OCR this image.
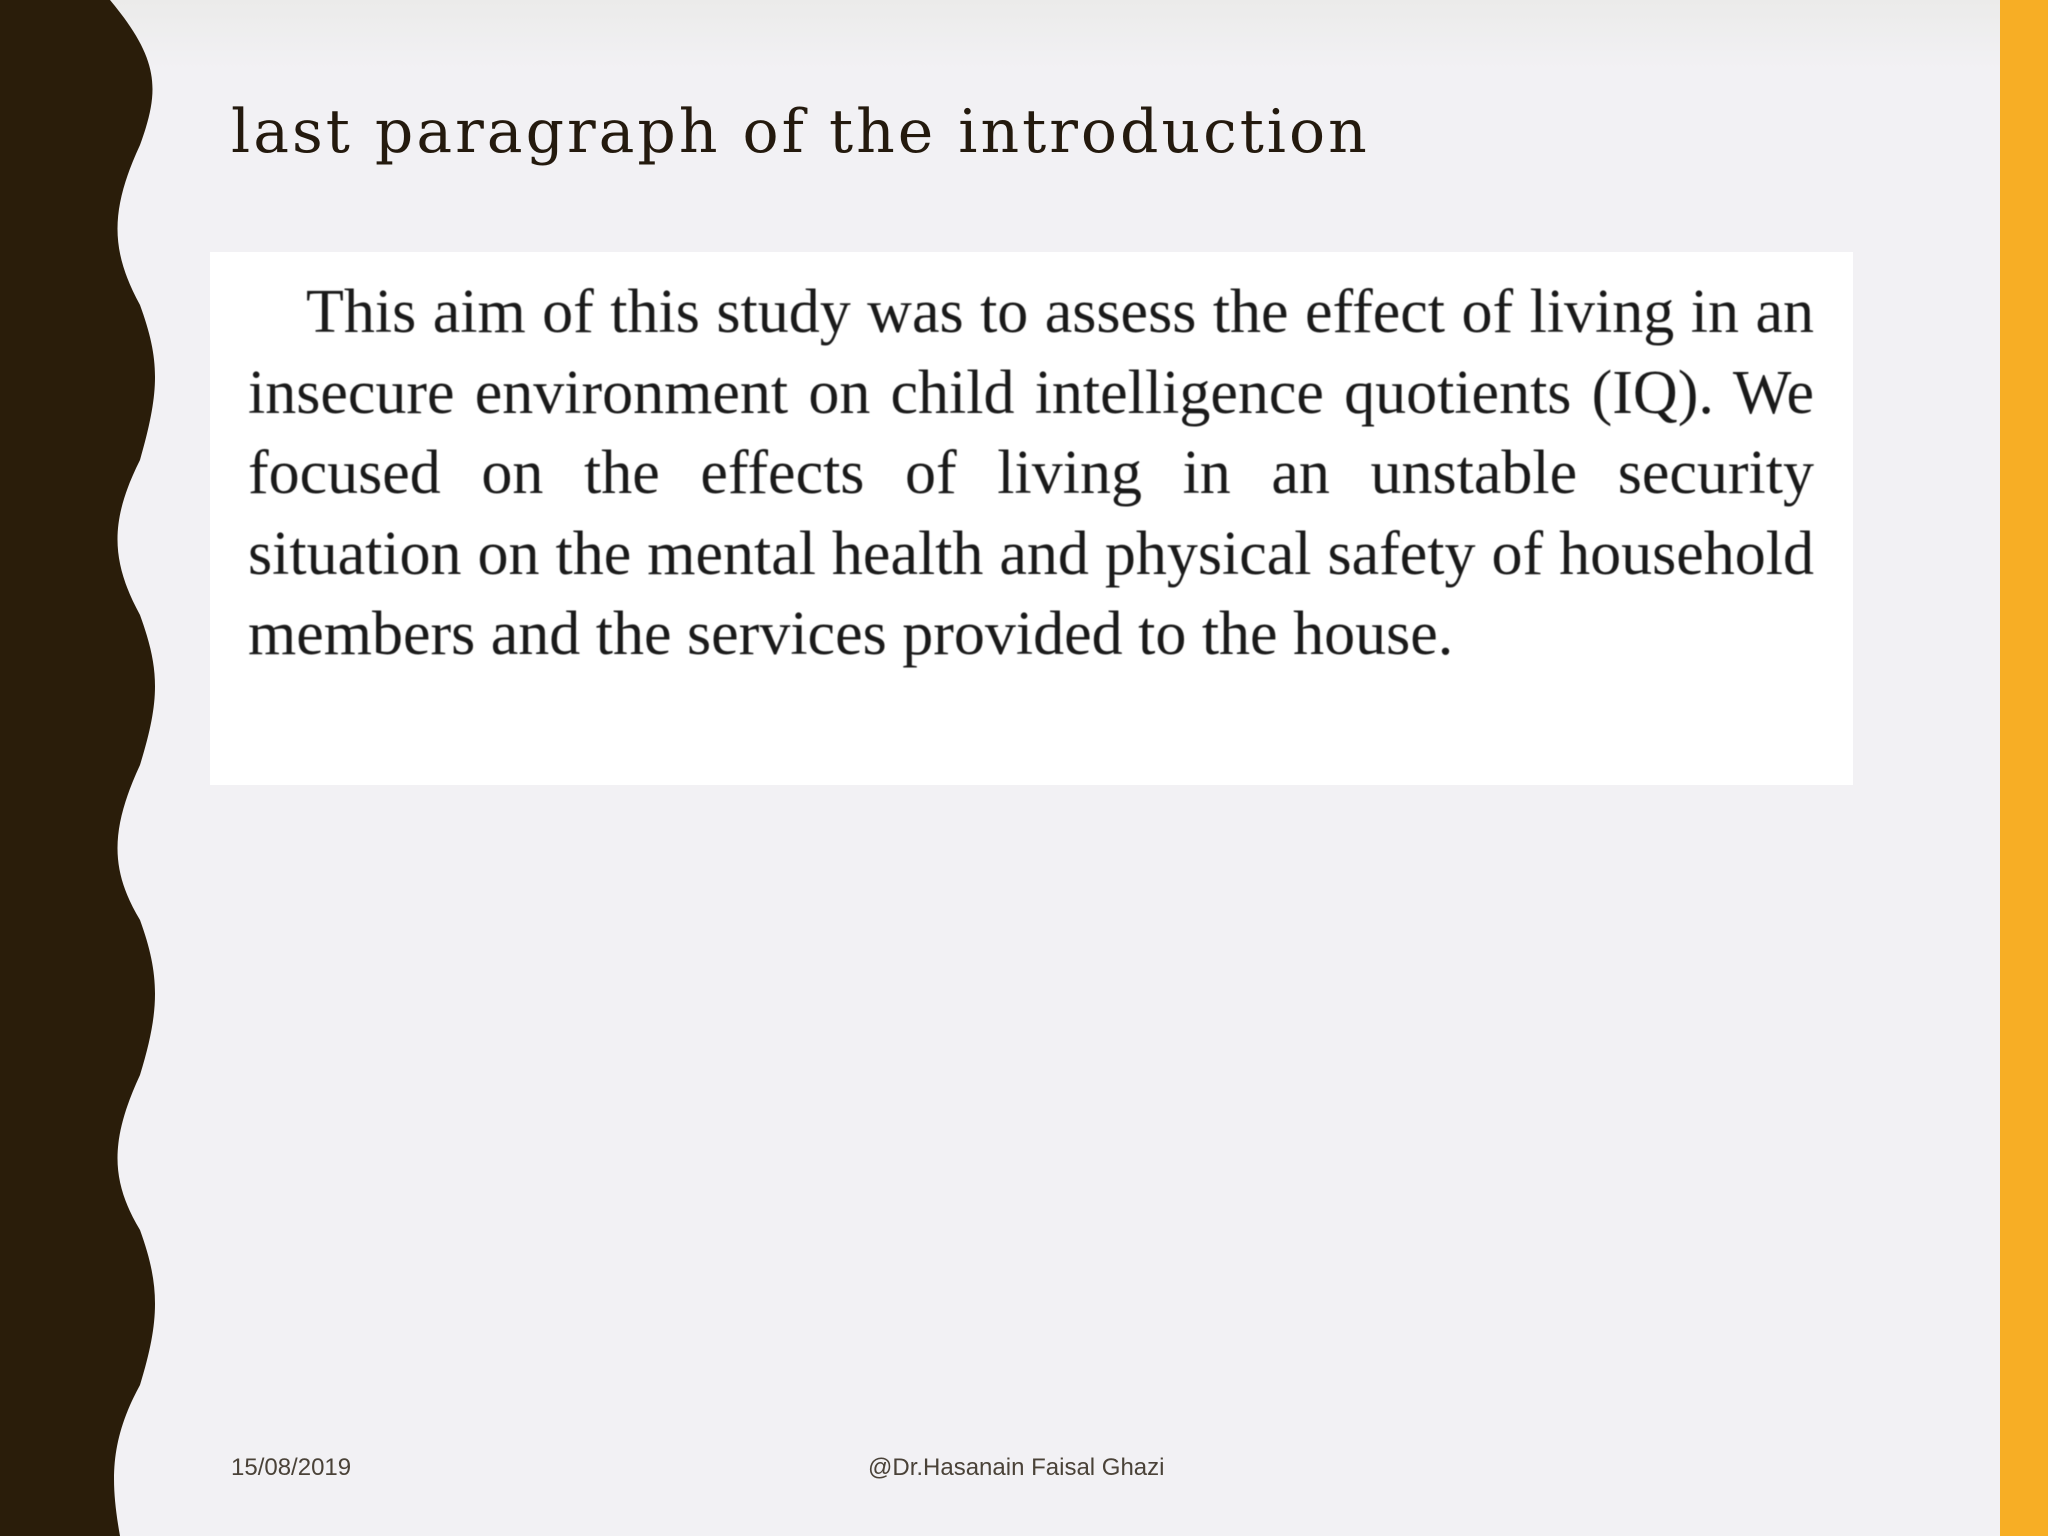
last paragraph of the introduction

This aim of this study was to assess the effect of living in an insecure environment on child intelligence quotients (IQ). We focused on the effects of living in an unstable security situation on the mental health and physical safety of household members and the services provided to the house.

15/08/2019	@Dr.Hasanain Faisal Ghazi
